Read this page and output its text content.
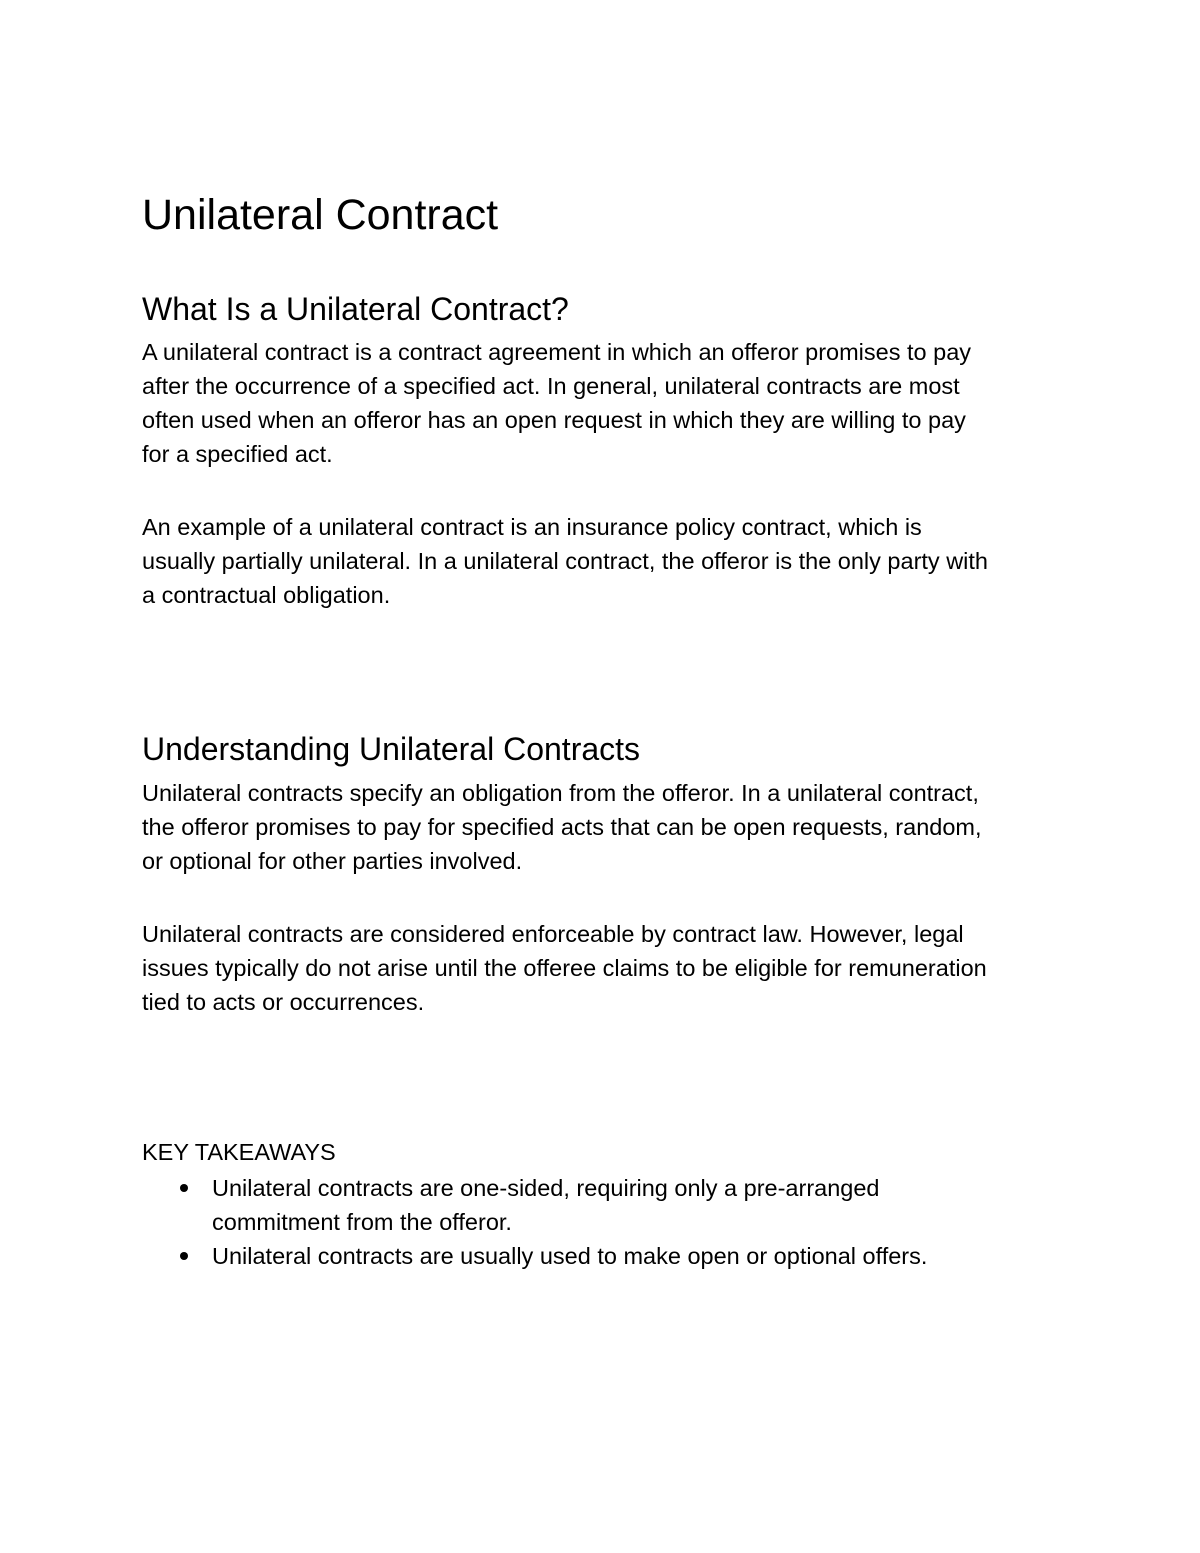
Unilateral Contract
What Is a Unilateral Contract?

A unilateral contract is a contract agreement in which an offeror promises to pay
after the occurrence of a specified act. In general, unilateral contracts are most
often used when an offeror has an open request in which they are willing to pay
for a specified act.

An example of a unilateral contract is an insurance policy contract, which is
usually partially unilateral. In a unilateral contract, the offeror is the only party with
a contractual obligation.

Understanding Unilateral Contracts

Unilateral contracts specify an obligation from the offeror. In a unilateral contract,
the offeror promises to pay for specified acts that can be open requests, random,
or optional for other parties involved.

Unilateral contracts are considered enforceable by contract law. However, legal
issues typically do not arise until the offeree claims to be eligible for remuneration
tied to acts or occurrences.

KEY TAKEAWAYS
Unilateral contracts are one-sided, requiring only a pre-arranged
commitment from the offeror.
Unilateral contracts are usually used to make open or optional offers.
